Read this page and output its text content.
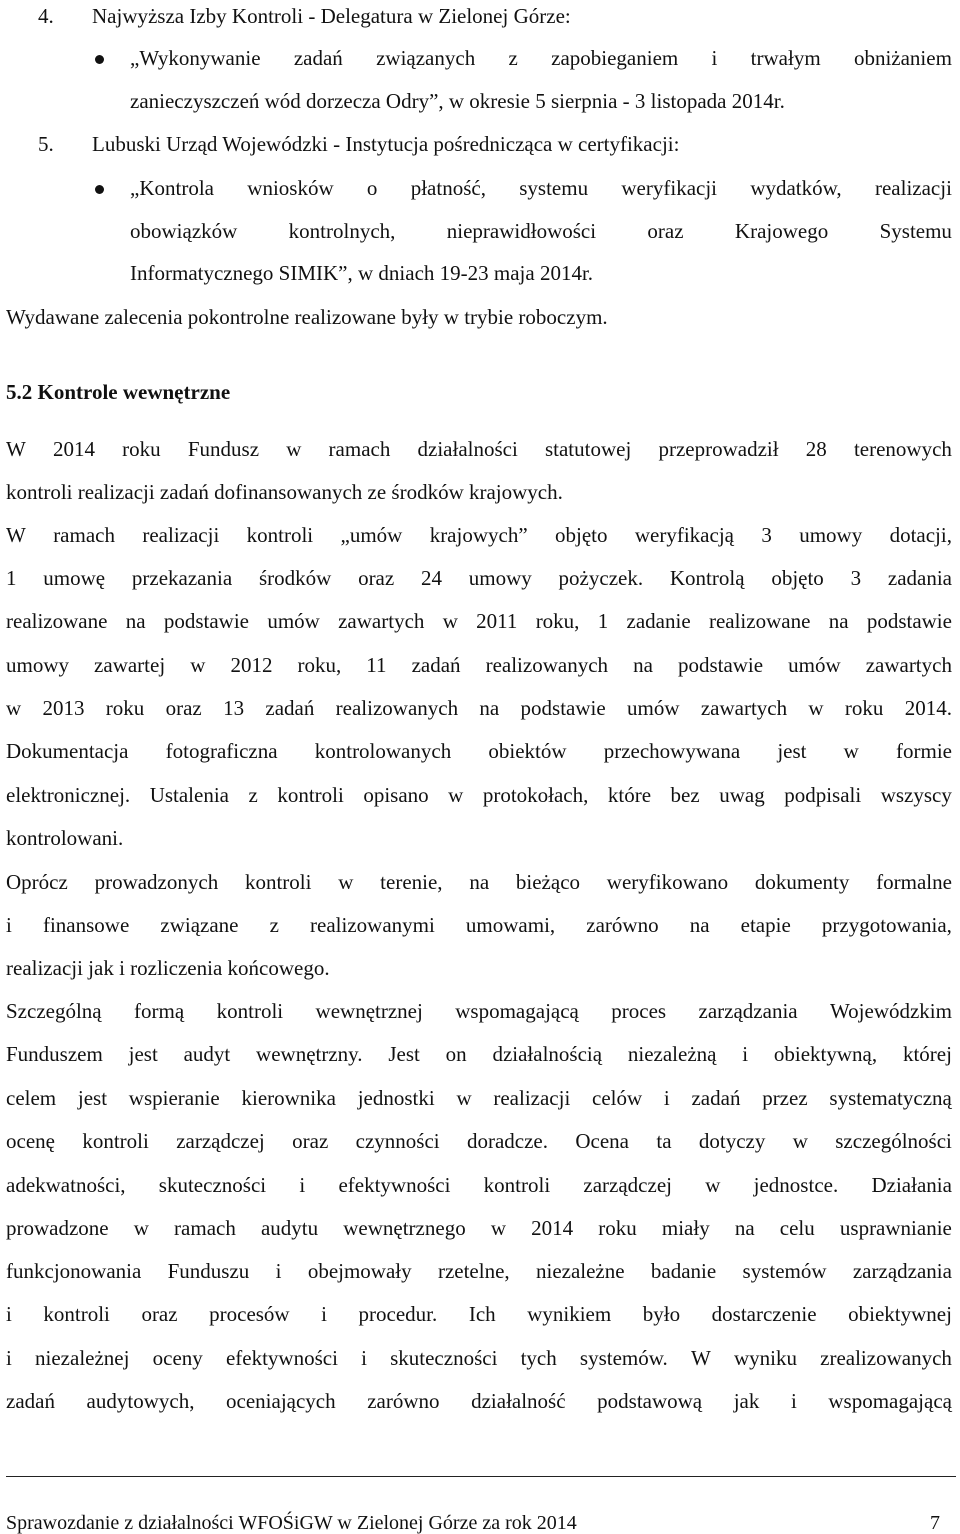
4. Najwyższa Izby Kontroli - Delegatura w Zielonej Górze:
„Wykonywanie zadań związanych z zapobieganiem i trwałym obniżaniem
zanieczyszczeń wód dorzecza Odry”, w okresie 5 sierpnia - 3 listopada 2014r.
5. Lubuski Urząd Wojewódzki - Instytucja pośrednicząca w certyfikacji:
„Kontrola wniosków o płatność, systemu weryfikacji wydatków, realizacji
obowiązków kontrolnych, nieprawidłowości oraz Krajowego Systemu
Informatycznego SIMIK”, w dniach 19-23 maja 2014r.
Wydawane zalecenia pokontrolne realizowane były w trybie roboczym.
5.2 Kontrole wewnętrzne
W 2014 roku Fundusz w ramach działalności statutowej przeprowadził 28 terenowych
kontroli realizacji zadań dofinansowanych ze środków krajowych.
W ramach realizacji kontroli „umów krajowych” objęto weryfikacją 3 umowy dotacji,
1 umowę przekazania środków oraz 24 umowy pożyczek. Kontrolą objęto 3 zadania
realizowane na podstawie umów zawartych w 2011 roku, 1 zadanie realizowane na podstawie
umowy zawartej w 2012 roku, 11 zadań realizowanych na podstawie umów zawartych
w 2013 roku oraz 13 zadań realizowanych na podstawie umów zawartych w roku 2014.
Dokumentacja fotograficzna kontrolowanych obiektów przechowywana jest w formie
elektronicznej. Ustalenia z kontroli opisano w protokołach, które bez uwag podpisali wszyscy
kontrolowani.
Oprócz prowadzonych kontroli w terenie, na bieżąco weryfikowano dokumenty formalne
i finansowe związane z realizowanymi umowami, zarówno na etapie przygotowania,
realizacji jak i rozliczenia końcowego.
Szczególną formą kontroli wewnętrznej wspomagającą proces zarządzania Wojewódzkim
Funduszem jest audyt wewnętrzny. Jest on działalnością niezależną i obiektywną, której
celem jest wspieranie kierownika jednostki w realizacji celów i zadań przez systematyczną
ocenę kontroli zarządczej oraz czynności doradcze. Ocena ta dotyczy w szczególności
adekwatności, skuteczności i efektywności kontroli zarządczej w jednostce. Działania
prowadzone w ramach audytu wewnętrznego w 2014 roku miały na celu usprawnianie
funkcjonowania Funduszu i obejmowały rzetelne, niezależne badanie systemów zarządzania
i kontroli oraz procesów i procedur. Ich wynikiem było dostarczenie obiektywnej
i niezależnej oceny efektywności i skuteczności tych systemów. W wyniku zrealizowanych
zadań audytowych, oceniających zarówno działalność podstawową jak i wspomagającą
Sprawozdanie z działalności WFOŚiGW w Zielonej Górze za rok 2014	7
